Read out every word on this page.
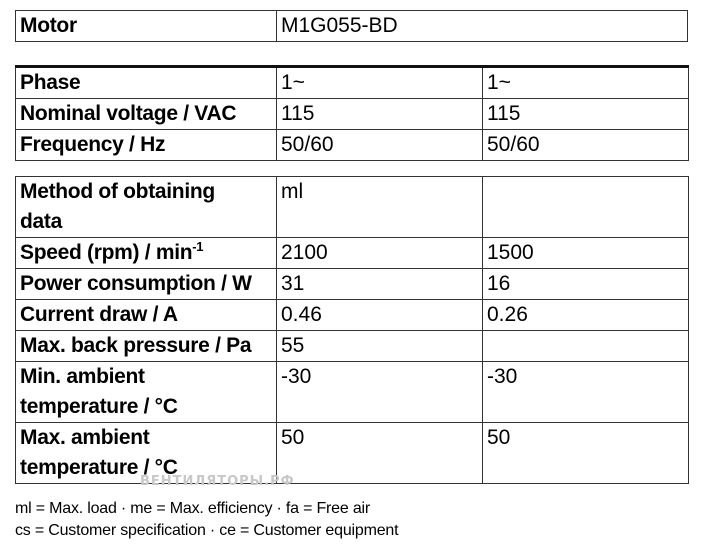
Motor	M1G055-BD
Phase	1~	1~
Nominal voltage / VAC	115	115
Frequency / Hz	50/60	50/60
Method of obtaining
data	ml	
Speed $(rpm) / \min^{-1}$	2100	1500
Power consumption / W	31	16
Current draw / A	0.46	0.26
Max. back pressure / Pa	55	
Min. ambient
temperature / °C	-30	-30
Max. ambient
temperature / °C	50	50
ВЕНТИЛЯТОРЫ.РФ
ml = Max. load · me = Max. efficiency · fa = Free air
cs = Customer specification · ce = Customer equipment
